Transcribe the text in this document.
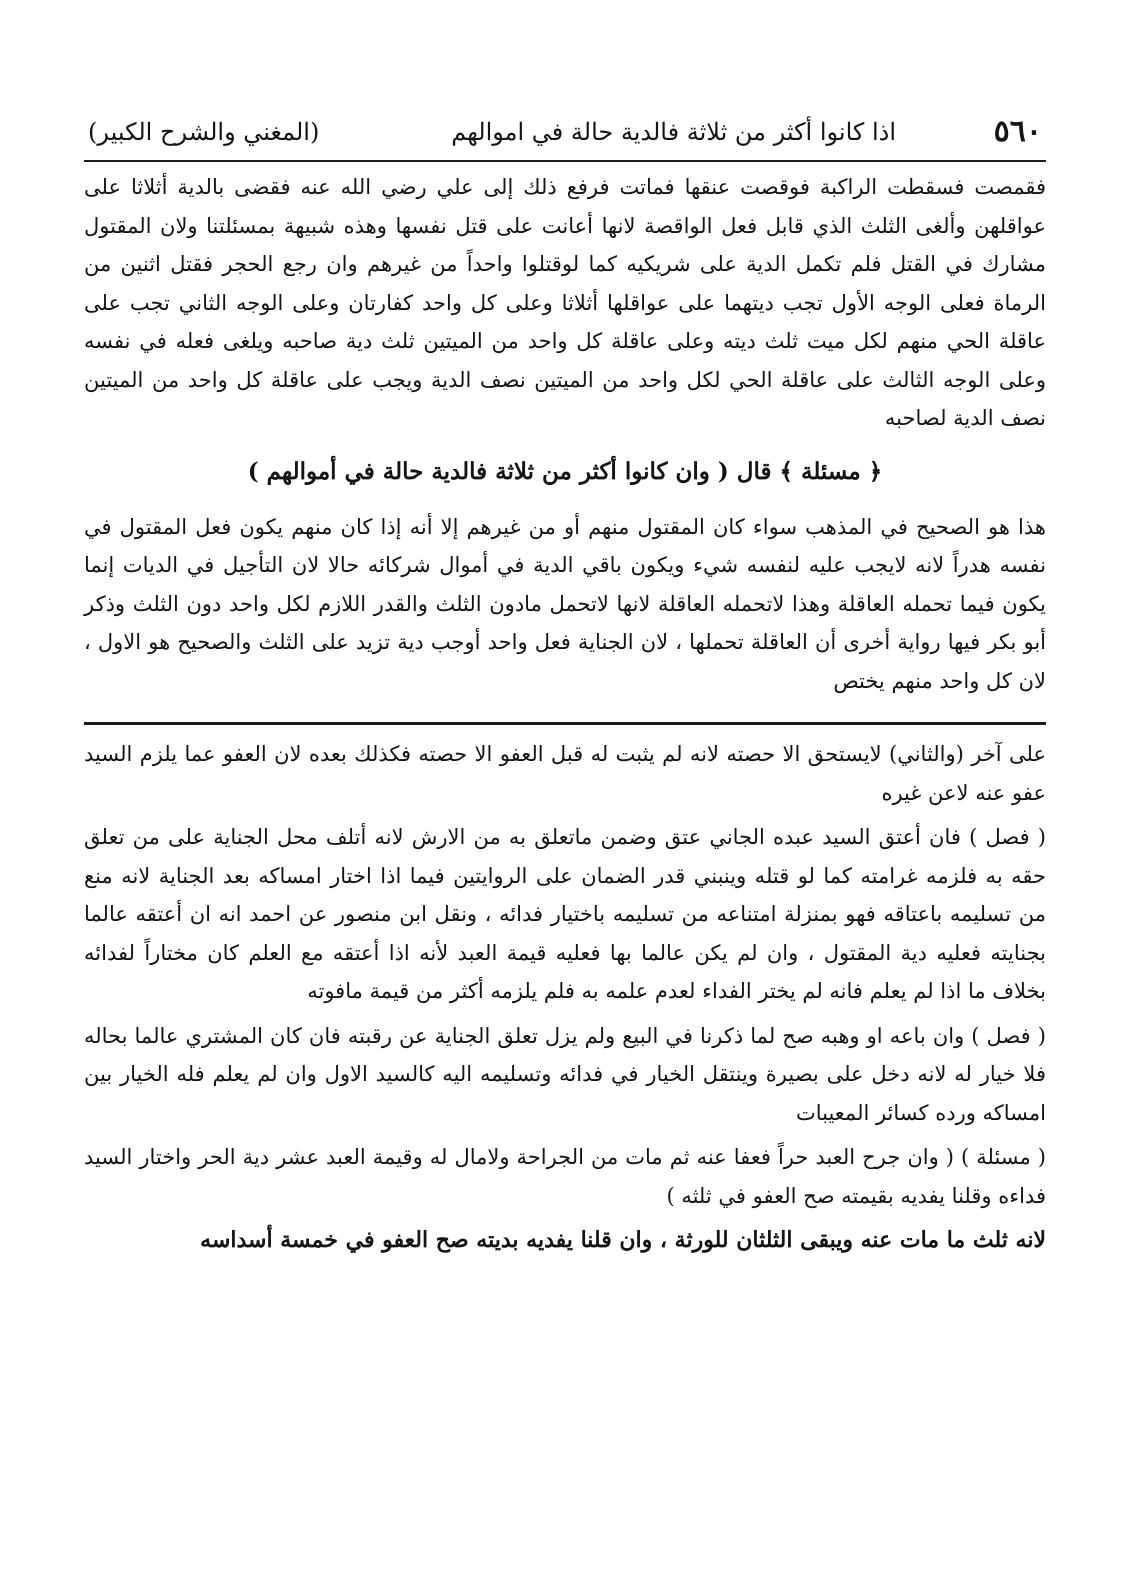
٥٦٠
اذا كانوا أكثر من ثلاثة فالدية حالة في اموالهم
(المغني والشرح الكبير)

فقمصت فسقطت الراكبة فوقصت عنقها فماتت فرفع ذلك إلى علي رضي الله عنه فقضى بالدية أثلاثا على عواقلهن وألغى الثلث الذي قابل فعل الواقصة لانها أعانت على قتل نفسها وهذه شبيهة بمسئلتنا ولان المقتول مشارك في القتل فلم تكمل الدية على شريكيه كما لوقتلوا واحداً من غيرهم وان رجع الحجر فقتل اثنين من الرماة فعلى الوجه الأول تجب ديتهما على عواقلها أثلاثا وعلى كل واحد كفارتان وعلى الوجه الثاني تجب على عاقلة الحي منهم لكل ميت ثلث ديته وعلى عاقلة كل واحد من الميتين ثلث دية صاحبه ويلغى فعله في نفسه وعلى الوجه الثالث على عاقلة الحي لكل واحد من الميتين نصف الدية ويجب على عاقلة كل واحد من الميتين نصف الدية لصاحبه

﴿ مسئلة ﴾ قال ( وان كانوا أكثر من ثلاثة فالدية حالة في أموالهم )

هذا هو الصحيح في المذهب سواء كان المقتول منهم أو من غيرهم إلا أنه إذا كان منهم يكون فعل المقتول في نفسه هدراً لانه لايجب عليه لنفسه شيء ويكون باقي الدية في أموال شركائه حالا لان التأجيل في الديات إنما يكون فيما تحمله العاقلة وهذا لاتحمله العاقلة لانها لاتحمل مادون الثلث والقدر اللازم لكل واحد دون الثلث وذكر أبو بكر فيها رواية أخرى أن العاقلة تحملها ، لان الجناية فعل واحد أوجب دية تزيد على الثلث والصحيح هو الاول ، لان كل واحد منهم يختص

على آخر (والثاني) لايستحق الا حصته لانه لم يثبت له قبل العفو الا حصته فكذلك بعده لان العفو عما يلزم السيد عفو عنه لاعن غيره

( فصل ) فان أعتق السيد عبده الجاني عتق وضمن ماتعلق به من الارش لانه أتلف محل الجناية على من تعلق حقه به فلزمه غرامته كما لو قتله وينبني قدر الضمان على الروايتين فيما اذا اختار امساكه بعد الجناية لانه منع من تسليمه باعتاقه فهو بمنزلة امتناعه من تسليمه باختيار فدائه ، ونقل ابن منصور عن احمد انه ان أعتقه عالما بجنايته فعليه دية المقتول ، وان لم يكن عالما بها فعليه قيمة العبد لأنه اذا أعتقه مع العلم كان مختاراً لفدائه بخلاف ما اذا لم يعلم فانه لم يختر الفداء لعدم علمه به فلم يلزمه أكثر من قيمة مافوته

( فصل ) وان باعه او وهبه صح لما ذكرنا في البيع ولم يزل تعلق الجناية عن رقبته فان كان المشتري عالما بحاله فلا خيار له لانه دخل على بصيرة وينتقل الخيار في فدائه وتسليمه اليه كالسيد الاول وان لم يعلم فله الخيار بين امساكه ورده كسائر المعيبات

( مسئلة ) ( وان جرح العبد حراً فعفا عنه ثم مات من الجراحة ولامال له وقيمة العبد عشر دية الحر واختار السيد فداءه وقلنا يفديه بقيمته صح العفو في ثلثه )

لانه ثلث ما مات عنه ويبقى الثلثان للورثة ، وان قلنا يفديه بديته صح العفو في خمسة أسداسه
